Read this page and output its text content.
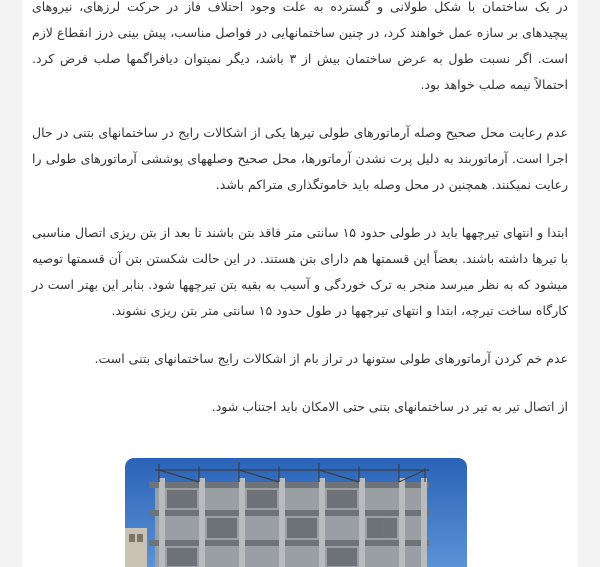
در یک ساختمان با شکل طولانی و گسترده به علت وجود احتلاف فاز در حرکت لرزهای، نیروهای پیچیدهای بر سازه عمل خواهند کرد، در چنین ساختمانهایی در فواصل مناسب، پیش بینی درز انقطاع لازم است. اگر نسبت طول به عرض ساختمان بیش از ۳ باشد، دیگر نمیتوان دیافراگمها صلب فرض کرد. احتمالاً نیمه صلب خواهد بود.

عدم رعایت محل صحیح وصله آرماتورهای طولی تیرها یکی از اشکالات رایج در ساختمانهای بتنی در حال اجرا است. آرماتوربند به دلیل پرت نشدن آرماتورها، محل صحیح وصلههای پوششی آرماتورهای طولی را رعایت نمیکنند. همچنین در محل وصله باید خاموتگذاری متراکم باشد.

ابتدا و انتهای تیرچهها باید در طولی حدود ۱۵ سانتی متر فاقد بتن باشند تا بعد از بتن ریزی اتصال مناسبی با تیرها داشته باشند. بعضاً این قسمتها هم دارای بتن هستند. در این حالت شکستن بتن آن قسمتها توصیه میشود که به نظر میرسد منجر به ترک خوردگی و آسیب به بقیه بتن تیرچهها شود. بنابر این بهتر است در کارگاه ساخت تیرچه، ابتدا و انتهای تیرچهها در طول حدود ۱۵ سانتی متر بتن ریزی نشوند.

عدم خم کردن آرماتورهای طولی ستونها در تراز بام از اشکالات رایج ساختمانهای بتنی است.

از اتصال تیر به تیر در ساختمانهای بتنی حتی الامکان باید اجتناب شود.
